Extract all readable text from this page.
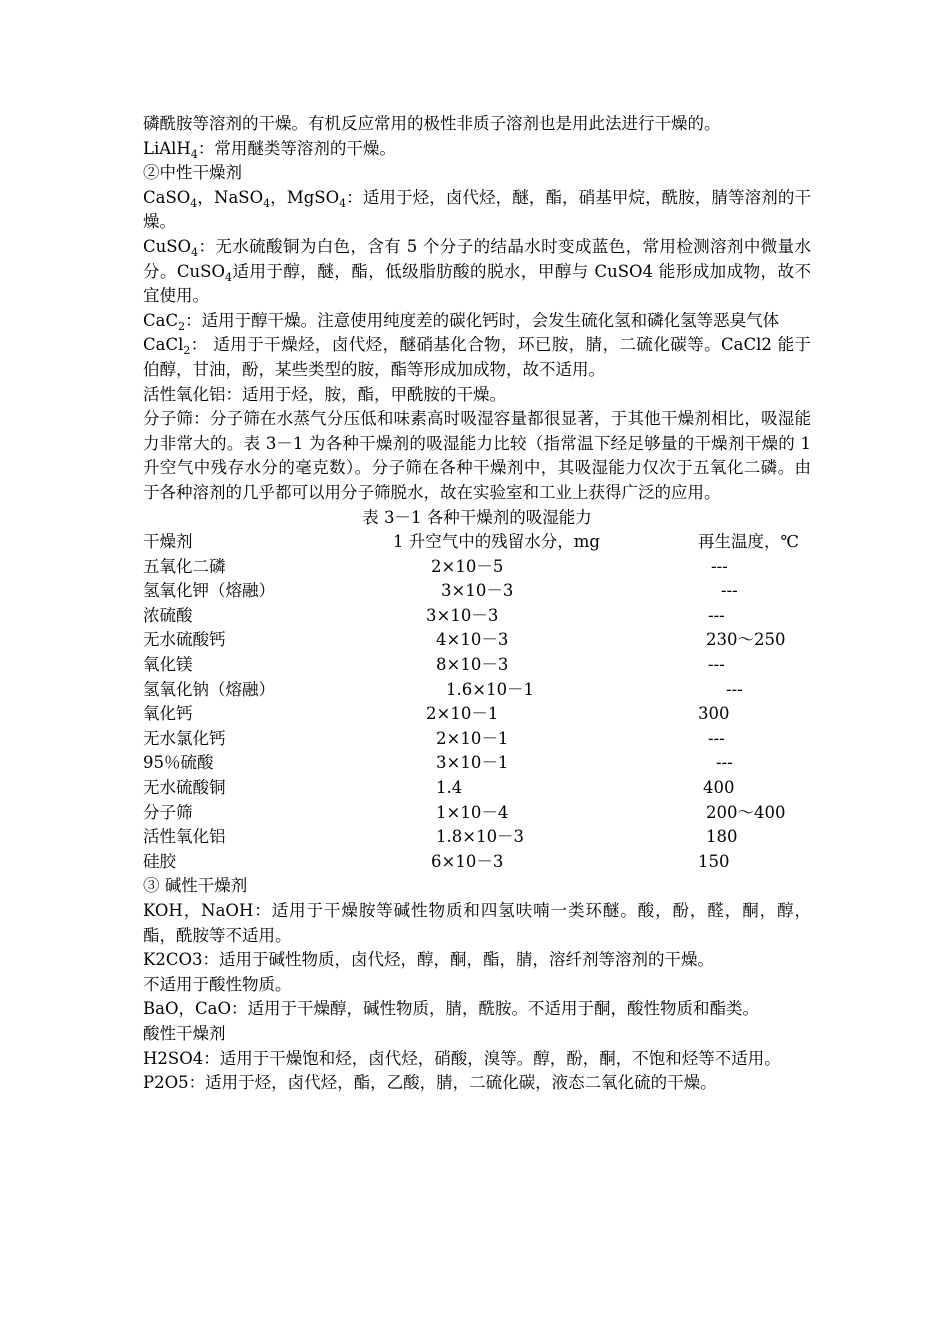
磷酰胺等溶剂的干燥。有机反应常用的极性非质子溶剂也是用此法进行干燥的。

LiAlH$_4$：常用醚类等溶剂的干燥。

②中性干燥剂

CaSO$_4$，NaSO$_4$，MgSO$_4$：适用于烃，卤代烃，醚，酯，硝基甲烷，酰胺，腈等溶剂的干燥。

CuSO$_4$：无水硫酸铜为白色，含有 5 个分子的结晶水时变成蓝色，常用检测溶剂中微量水分。CuSO$_4$适用于醇，醚，酯，低级脂肪酸的脱水，甲醇与 CuSO4 能形成加成物，故不宜使用。

CaC$_2$：适用于醇干燥。注意使用纯度差的碳化钙时，会发生硫化氢和磷化氢等恶臭气体

CaCl$_2$： 适用于干燥烃，卤代烃，醚硝基化合物，环已胺，腈，二硫化碳等。CaCl2 能于伯醇，甘油，酚，某些类型的胺，酯等形成加成物，故不适用。

活性氧化铝：适用于烃，胺，酯，甲酰胺的干燥。

分子筛：分子筛在水蒸气分压低和味素高时吸湿容量都很显著，于其他干燥剂相比，吸湿能力非常大的。表 3－1 为各种干燥剂的吸湿能力比较（指常温下经足够量的干燥剂干燥的 1 升空气中残存水分的毫克数）。分子筛在各种干燥剂中，其吸湿能力仅次于五氧化二磷。由于各种溶剂的几乎都可以用分子筛脱水，故在实验室和工业上获得广泛的应用。

表 3－1 各种干燥剂的吸湿能力

干燥剂	1 升空气中的残留水分，mg	再生温度，℃
五氧化二磷	2×10－5	---
氢氧化钾（熔融）	3×10－3	---
浓硫酸	3×10－3	---
无水硫酸钙	4×10－3	230～250
氧化镁	8×10－3	---
氢氧化钠（熔融）	1.6×10－1	---
氧化钙	2×10－1	300
无水氯化钙	2×10－1	---
95％硫酸	3×10－1	---
无水硫酸铜	1.4	400
分子筛	1×10－4	200～400
活性氧化铝	1.8×10－3	180
硅胶	6×10－3	150

③ 碱性干燥剂

KOH，NaOH：适用于干燥胺等碱性物质和四氢呋喃一类环醚。酸，酚，醛，酮，醇，酯，酰胺等不适用。

K2CO3：适用于碱性物质，卤代烃，醇，酮，酯，腈，溶纤剂等溶剂的干燥。

不适用于酸性物质。

BaO，CaO：适用于干燥醇，碱性物质，腈，酰胺。不适用于酮，酸性物质和酯类。

酸性干燥剂

H2SO4：适用于干燥饱和烃，卤代烃，硝酸，溴等。醇，酚，酮，不饱和烃等不适用。

P2O5：适用于烃，卤代烃，酯，乙酸，腈，二硫化碳，液态二氧化硫的干燥。
